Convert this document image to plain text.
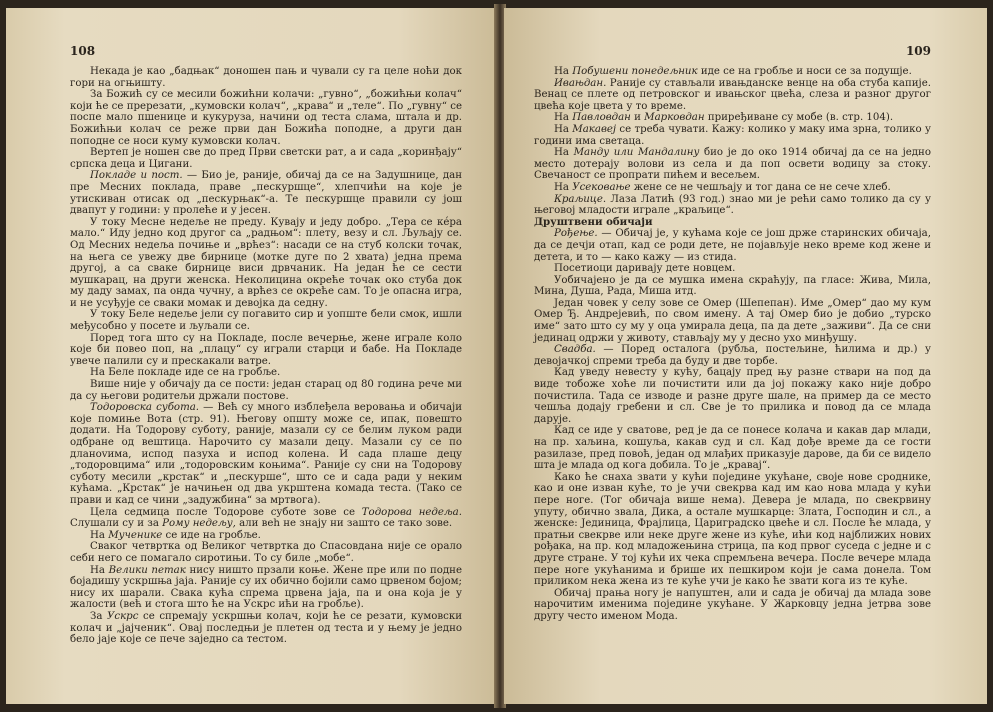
108

Некада је као „бадњак“ доношен пањ и чували су га целе ноћи док гори на огњишту.

За Божић су се месили божићни колачи: „гувно“, „божићњи колач“ који ће се пререзати, „кумовски колач“, „крава“ и „теле“. По „гувну“ се поспе мало пшенице и кукуруза, начини од теста слама, штала и др. Божићњи колач се реже први дан Божића поподне, а други дан поподне се носи куму кумовски колач.

Вертеп је ношен све до пред Први светски рат, а и сада „коринђају“ српска деца и Цигани.

Покладе и пост. — Био је, раније, обичај да се на Задушнице, дан пре Месних поклада, праве „пескуршце“, хлепчићи на које је утискиван отисак од „пескурњак“-а. Те пескуршце правили су још двапут у години: у пролеће и у јесен.

У току Месне недеље не преду. Кувају и једу добро. „Тера се кéра мало.“ Иду једно код другог са „радњом“: плету, везу и сл. Љуљају се. Од Месних недеља почиње и „врћез“: насади се на стуб колски точак, на њега се увежу две бирнице (мотке дуге по 2 хвата) једна према другој, а са сваке бирнице виси дрвчаник. На један ће се сести мушкарац, на други женска. Неколицина окреће точак око стуба док му даду замах, па онда чучну, а врћез се окреће сам. То је опасна игра, и не усуђује се сваки момак и девојка да седну.

У току Беле недеље јели су погавито сир и уопште бели смок, ишли међусобно у посете и љуљали се.

Поред тога што су на Покладе, после вечерње, жене играле коло које би повео поп, на „плацу“ су играли старци и бабе. На Покладе увече палили су и прескакали ватре.

На Беле покладе иде се на гробље.

Више није у обичају да се пости: један старац од 80 година рече ми да су његови родитељи држали постове.

Тодоровска субота. — Већ су много изблеђела веровања и обичаји које помиње Вота (стр. 91). Његову општу може се, ипак, повешто додати. На Тодорову суботу, раније, мазали су се белим луком ради одбране од вештица. Нарочито су мазали децу. Мазали су се по дланovима, испод пазуха и испод колена. И сада плаше децу „тодоровцима“ или „тодоровским коњима“. Раније су сни на Тодорову суботу месили „крстак“ и „пескурше“, што се и сада ради у неким кућама. „Крстак“ је начињен од два укрштена комада теста. (Тако се прави и кад се чини „задужбина“ за мртвога).

Цела седмица после Тодорове суботе зове се Тодорова недеља. Слушали су и за Рому недељу, али веh не знају ни зашто се тако зове.

На Мученике се иде на гробље.

Сваког четвртка од Великог четвртка до Спасовдана није се орало себи него се помагало сиротињи. То су биле „мобе“.

На Велики петак нису ништо прзали коње. Жене пре или по подне бојадишу ускршња јаја. Раније су их обично бојили само црвеном бојом; нису их шарали. Свака кућа спрема црвена јаја, па и она која је у жалости (већ и стога што ће на Ускрс ићи на гробље).

За Ускрс се спремају ускршњи колач, који ће се резати, кумовски колач и „јајченик“. Овај последњи је плетен од теста и у њему је једно бело јаје које се пече заједно са тестом.

109

На Побушени понедељник иде се на гробље и носи се за подушје.

Ивањдан. Раније су стављали ивањданске венце на оба стуба капије. Венац се плете од петровског и ивањског цвећа, слеза и разног другог цвећа које цвета у то време.

На Павловдан и Марковдан приређиване су мобе (в. стр. 104).

На Макавеј се треба чувати. Кажу: колико у маку има зрна, толико у години има светаца.

На Манду или Мандалину био је до око 1914 обичај да се на једно место дотерају волови из села и да поп освети водицу за стоку. Свечаност се пропрати пићем и весељем.

На Усековање жене се не чешљају и тог дана се не сече хлеб.

Краљице. Лаза Латић (93 год.) знао ми је рећи само толико да су у његовој младости играле „краљице“.

Друштвени обичаји

Рођење. — Обичај је, у кућама које се још држе старинских обичаја, да се дечји отап, кад се роди дете, не појављује неко време код жене и детета, и то — како кажу — из стида.

Посетиоци даривају дете новцем.

Уобичајено је да се мушка имена скраћују, па гласе: Жива, Мила, Мина, Душа, Рада, Миша итд.

Један човек у селу зове се Омер (Шепепан). Име „Омер“ дао му кум Омер Ђ. Андрејевић, по свом имену. А тај Омер био је добио „турско име“ зато што су му у оца умирала деца, па да дете „заживи“. Да се сни јединац одржи у животу, стављају му у десно ухо минђушу.

Свадба. — Поред осталога (рубља, постељине, ћилима и др.) у девојачкој спреми треба да буду и две торбе.

Кад уведу невесту у кућу, бацају пред њу разне ствари на под да виде тобоже хоће ли почистити или да јој покажу како није добро почистила. Тада се изводе и разне друге шале, на пример да се место чешља додају гребени и сл. Све је то прилика и повод да се млада дарује.

Кад се иде у сватове, ред је да се понесе колача и какав дар млади, на пр. хаљина, кошуља, какав суд и сл. Кад дође време да се гости разилазе, пред повоћ, један од млађих приказује дарове, да би се видело шта је млада од кога добила. То је „кравај“.

Како ће снаха звати у кући поједине укућане, своје нове сроднике, као и оне изван куће, то је учи свекрва кад им као нова млада у кући пере ноге. (Тог обичаја више нема). Девера је млада, по свекрвину упуту, обично звала, Дика, а остале мушкарце: Злата, Господин и сл., а женске: Јединица, Фрајлица, Цариградско цвеће и сл. После ће млада, у пратњи свекрве или неке друге жене из куће, ићи код најближих нових рођака, на пр. код младожењина стрица, па код првог суседа с једне и с друге стране. У тој кући их чека спремљена вечера. После вечере млада пере ноге укућанима и брише их пешкиром који је сама донела. Том приликом нека жена из те куће учи је како ће звати кога из те куће.

Обичај прања ногу је напуштен, али и сада је обичај да млада зове нарочитим именима поједине укућане. У Жарковцу једна јетрва зове другу често именом Мода.
